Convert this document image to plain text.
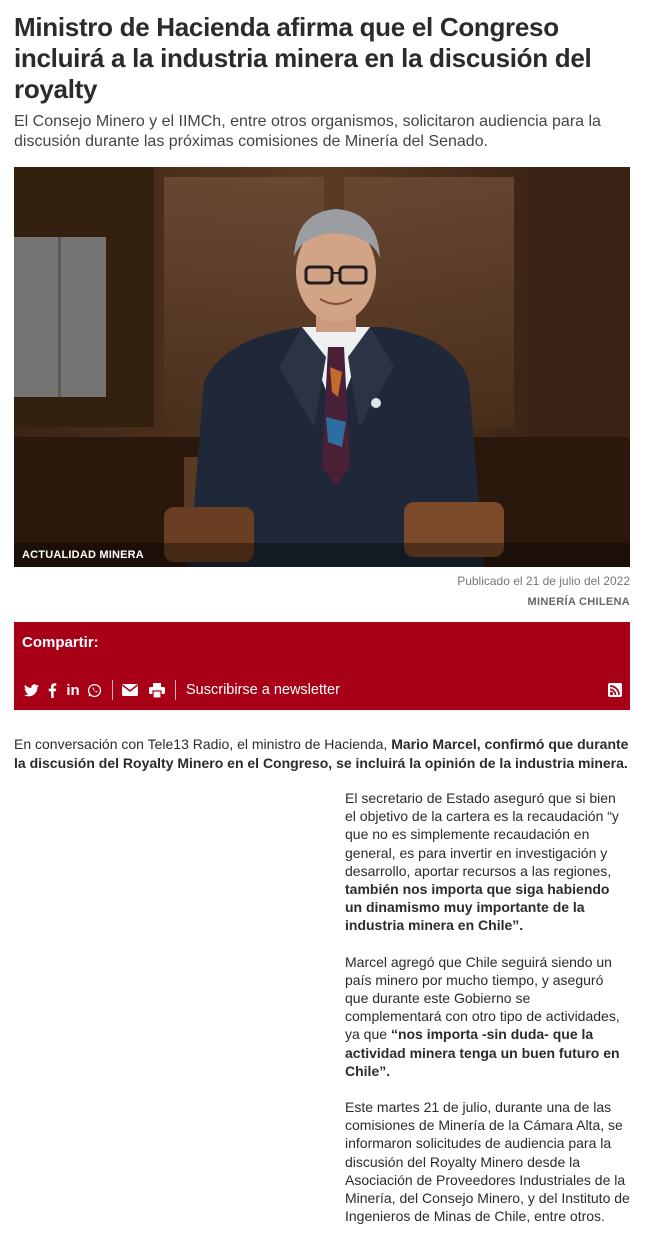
Ministro de Hacienda afirma que el Congreso incluirá a la industria minera en la discusión del royalty

El Consejo Minero y el IIMCh, entre otros organismos, solicitaron audiencia para la discusión durante las próximas comisiones de Minería del Senado.

ACTUALIDAD MINERA
Publicado el 21 de julio del 2022
MINERÍA CHILENA
Compartir:
in	Suscribirse a newsletter

En conversación con Tele13 Radio, el ministro de Hacienda, Mario Marcel, confirmó que durante la discusión del Royalty Minero en el Congreso, se incluirá la opinión de la industria minera.

El secretario de Estado aseguró que si bien el objetivo de la cartera es la recaudación “y que no es simplemente recaudación en general, es para invertir en investigación y desarrollo, aportar recursos a las regiones, también nos importa que siga habiendo un dinamismo muy importante de la industria minera en Chile”.

Marcel agregó que Chile seguirá siendo un país minero por mucho tiempo, y aseguró que durante este Gobierno se complementará con otro tipo de actividades, ya que “nos importa -sin duda- que la actividad minera tenga un buen futuro en Chile”.

Este martes 21 de julio, durante una de las comisiones de Minería de la Cámara Alta, se informaron solicitudes de audiencia para la discusión del Royalty Minero desde la Asociación de Proveedores Industriales de la Minería, del Consejo Minero, y del Instituto de Ingenieros de Minas de Chile, entre otros.
